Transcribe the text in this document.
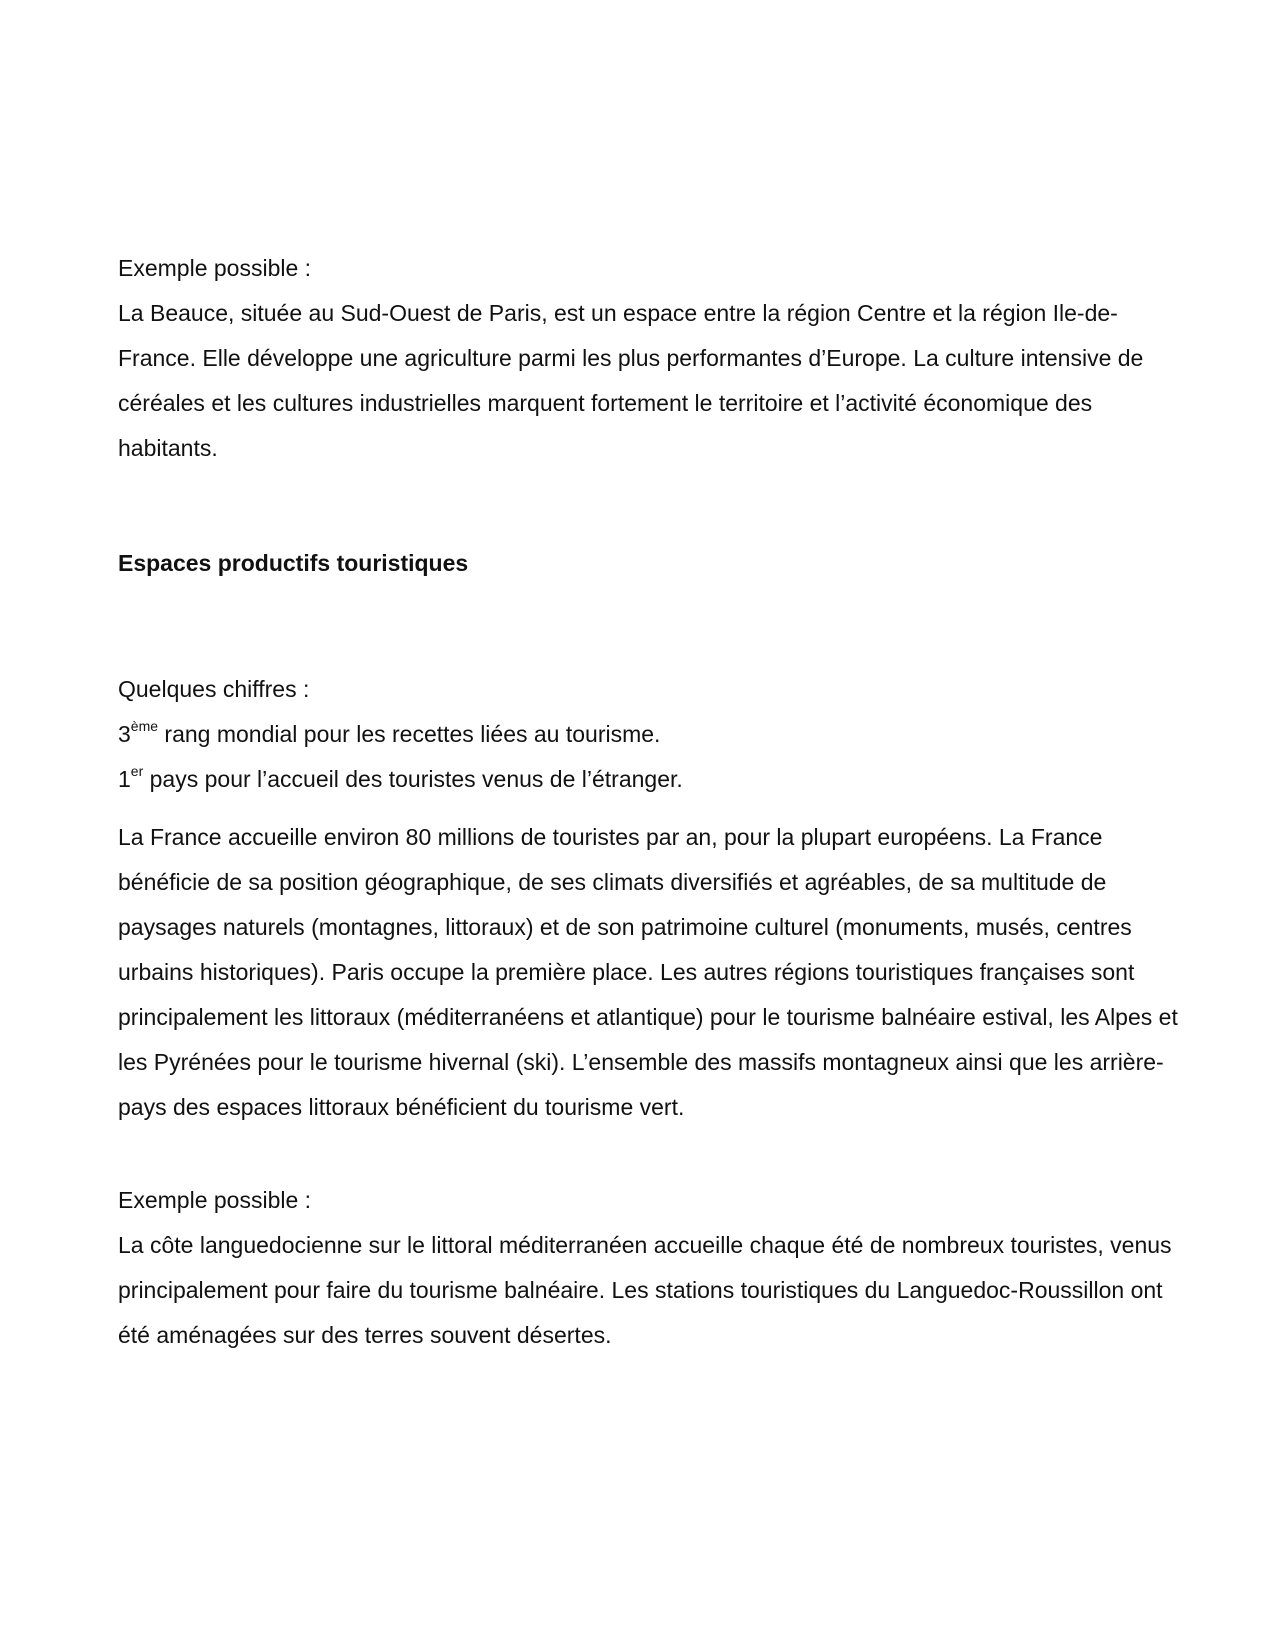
Exemple possible :

La Beauce, située au Sud-Ouest de Paris, est un espace entre la région Centre et la région Ile-de-France. Elle développe une agriculture parmi les plus performantes d’Europe. La culture intensive de céréales et les cultures industrielles marquent fortement le territoire et l’activité économique des habitants.

Espaces productifs touristiques

Quelques chiffres :

3ème rang mondial pour les recettes liées au tourisme.

1er pays pour l’accueil des touristes venus de l’étranger.

La France accueille environ 80 millions de touristes par an, pour la plupart européens. La France bénéficie de sa position géographique, de ses climats diversifiés et agréables, de sa multitude de paysages naturels (montagnes, littoraux) et de son patrimoine culturel (monuments, musés, centres urbains historiques). Paris occupe la première place. Les autres régions touristiques françaises sont principalement les littoraux (méditerranéens et atlantique) pour le tourisme balnéaire estival, les Alpes et les Pyrénées pour le tourisme hivernal (ski). L’ensemble des massifs montagneux ainsi que les arrière-pays des espaces littoraux bénéficient du tourisme vert.

Exemple possible :

La côte languedocienne sur le littoral méditerranéen accueille chaque été de nombreux touristes, venus principalement pour faire du tourisme balnéaire. Les stations touristiques du Languedoc-Roussillon ont été aménagées sur des terres souvent désertes.
